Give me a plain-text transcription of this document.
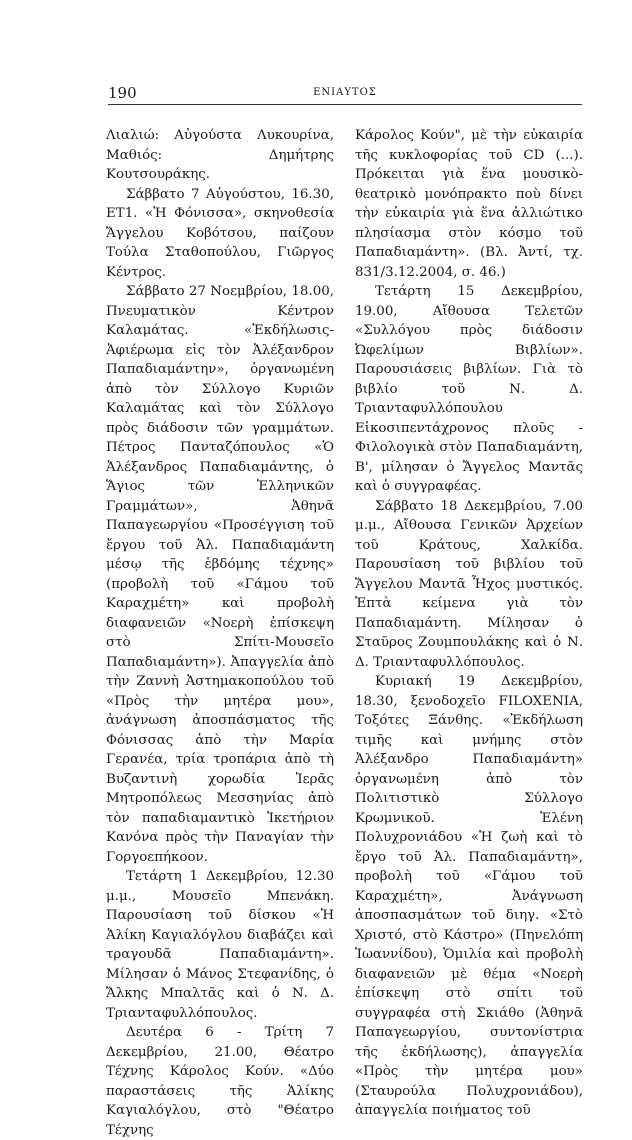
190	ΕΝΙΑΥΤΟΣ

Λιαλιώ: Αὐγούστα Λυκουρίνα, Μαθιός: Δημήτρης Κουτσουράκης.

Σάββατο 7 Αὐγούστου, 16.30, ΕΤ1. «Ἡ Φόνισσα», σκηνοθεσία Ἄγγελου Κοβότσου, παίζουν Τούλα Σταθοπούλου, Γιῶργος Κέντρος.

Σάββατο 27 Νοεμβρίου, 18.00, Πνευματικὸν Κέντρον Καλαμάτας. «Ἐκδήλωσις-Ἀφιέρωμα εἰς τὸν Ἀλέξανδρον Παπαδιαμάντην», ὀργανωμένη ἀπὸ τὸν Σύλλογο Κυριῶν Καλαμάτας καὶ τὸν Σύλλογο πρὸς διάδοσιν τῶν γραμμάτων. Πέτρος Πανταζόπουλος «Ὁ Ἀλέξανδρος Παπαδιαμάντης, ὁ Ἅγιος τῶν Ἑλληνικῶν Γραμμάτων», Ἀθηνᾶ Παπαγεωργίου «Προσέγγιση τοῦ ἔργου τοῦ Ἀλ. Παπαδιαμάντη μέσῳ τῆς ἑβδόμης τέχνης» (προβολὴ τοῦ «Γάμου τοῦ Καραχμέτη» καὶ προβολὴ διαφανειῶν «Νοερὴ ἐπίσκεψη στὸ Σπίτι-Μουσεῖο Παπαδιαμάντη»). Ἀπαγγελία ἀπὸ τὴν Ζαννὴ Ἀστημακοπούλου τοῦ «Πρὸς τὴν μητέρα μου», ἀνάγνωση ἀποσπάσματος τῆς Φόνισσας ἀπὸ τὴν Μαρία Γερανέα, τρία τροπάρια ἀπὸ τὴ Βυζαντινὴ χορωδία Ἱερᾶς Μητροπόλεως Μεσσηνίας ἀπὸ τὸν παπαδιαμαντικὸ Ἱκετήριον Κανόνα πρὸς τὴν Παναγίαν τὴν Γοργοεπήκοον.

Τετάρτη 1 Δεκεμβρίου, 12.30 μ.μ., Μουσεῖο Μπενάκη. Παρουσίαση τοῦ δίσκου «Ἡ Ἀλίκη Καγιαλόγλου διαβάζει καὶ τραγουδᾶ Παπαδιαμάντη». Μίλησαν ὁ Μάνος Στεφανίδης, ὁ Ἄλκης Μπαλτᾶς καὶ ὁ Ν. Δ. Τριανταφυλλόπουλος.

Δευτέρα 6 - Τρίτη 7 Δεκεμβρίου, 21.00, Θέατρο Τέχνης Κάρολος Κούν. «Δύο παραστάσεις τῆς Ἀλίκης Καγιαλόγλου, στὸ "Θέατρο Τέχνης

Κάρολος Κούν", μὲ τὴν εὐκαιρία τῆς κυκλοφορίας τοῦ CD (...). Πρόκειται γιὰ ἕνα μουσικὸ-θεατρικὸ μονόπρακτο ποὺ δίνει τὴν εὐκαιρία γιὰ ἕνα ἀλλιώτικο πλησίασμα στὸν κόσμο τοῦ Παπαδιαμάντη». (Βλ. Ἀντί, τχ. 831/3.12.2004, σ. 46.)

Τετάρτη 15 Δεκεμβρίου, 19.00, Αἴθουσα Τελετῶν «Συλλόγου πρὸς διάδοσιν Ὠφελίμων Βιβλίων». Παρουσιάσεις βιβλίων. Γιὰ τὸ βιβλίο τοῦ Ν. Δ. Τριανταφυλλόπουλου Εἰκοσιπεντάχρονος πλοῦς - Φιλολογικὰ στὸν Παπαδιαμάντη, Β', μίλησαν ὁ Ἄγγελος Μαντᾶς καὶ ὁ συγγραφέας.

Σάββατο 18 Δεκεμβρίου, 7.00 μ.μ., Αἴθουσα Γενικῶν Ἀρχείων τοῦ Κράτους, Χαλκίδα. Παρουσίαση τοῦ βιβλίου τοῦ Ἄγγελου Μαντᾶ Ἦχος μυστικός. Ἑπτὰ κείμενα γιὰ τὸν Παπαδιαμάντη. Μίλησαν ὁ Σταῦρος Ζουμπουλάκης καὶ ὁ Ν. Δ. Τριανταφυλλόπουλος.

Κυριακή 19 Δεκεμβρίου, 18.30, ξενοδοχεῖο FILOXENIA, Τοξότες Ξάνθης. «Ἐκδήλωση τιμῆς καὶ μνήμης στὸν Ἀλέξανδρο Παπαδιαμάντη» ὀργανωμένη ἀπὸ τὸν Πολιτιστικὸ Σύλλογο Κρωμνικοῦ. Ἑλένη Πολυχρονιάδου «Ἡ ζωὴ καὶ τὸ ἔργο τοῦ Ἀλ. Παπαδιαμάντη», προβολὴ τοῦ «Γάμου τοῦ Καραχμέτη», Ἀνάγνωση ἀποσπασμάτων τοῦ διηγ. «Στὸ Χριστό, στὸ Κάστρο» (Πηνελόπη Ἰωαννίδου), Ὁμιλία καὶ προβολὴ διαφανειῶν μὲ θέμα «Νοερὴ ἐπίσκεψη στὸ σπίτι τοῦ συγγραφέα στὴ Σκιάθο (Ἀθηνᾶ Παπαγεωργίου, συντονίστρια τῆς ἐκδήλωσης), ἀπαγγελία «Πρὸς τὴν μητέρα μου» (Σταυρούλα Πολυχρονιάδου), ἀπαγγελία ποιήματος τοῦ
